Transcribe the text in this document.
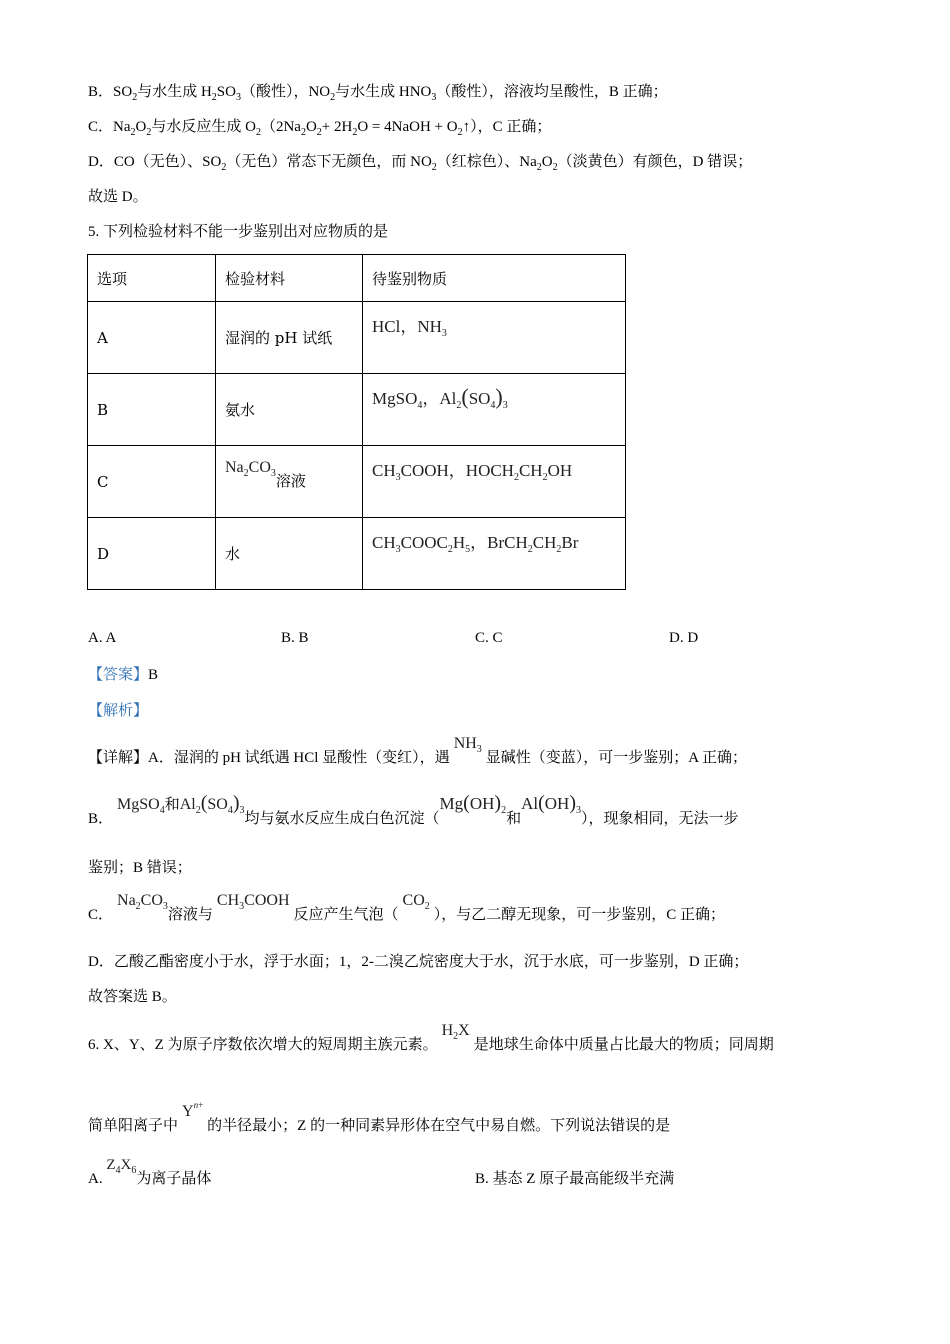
B．$SO_2$与水生成 $H_2SO_3$（酸性），$NO_2$与水生成 $HNO_3$（酸性），溶液均呈酸性，B 正确；
C．$Na_2O_2$与水反应生成 $O_2(2Na_2O_2+ 2H_2O$ = 4NaOH + $O_2↑$），C 正确；
D．CO（无色）、$SO_2$（无色）常态下无颜色，而 $NO_2$（红棕色）、$Na_2O_2$（淡黄色）有颜色，D 错误；
故选 D。
5. 下列检验材料不能一步鉴别出对应物质的是
选项	检验材料	待鉴别物质
A	湿润的 pH 试纸	HCl，$NH_3$

B	氨水	MgSO$_4$，$Al_2(SO_4)_3$

C	$Na_2CO_3$溶液	$CH_3COOH$，$HOCH_2CH_2OH$

D	水	$CH_3COOC_2H_5$，$BrCH_2CH_2Br$
A. A	B. B	C. C	D. D
【答案】B
【解析】
【详解】A．湿润的 pH 试纸遇 HCl 显酸性（变红），遇 $NH_3$ 显碱性（变蓝），可一步鉴别；A 正确；
B． MgSO$_4$和$Al_2(SO_4)_3$均与氨水反应生成白色沉淀（$Mg(OH)_2$和$Al(OH)_3$），现象相同，无法一步
鉴别；B 错误；
C． $Na_2CO_3$溶液与 $CH_3COOH$ 反应产生气泡（ $CO_2$ ），与乙二醇无现象，可一步鉴别，C 正确；
D．乙酸乙酯密度小于水，浮于水面；1，2-二溴乙烷密度大于水，沉于水底，可一步鉴别，D 正确；
故答案选 B。
6. X、Y、Z 为原子序数依次增大的短周期主族元素。 $H_2X$ 是地球生命体中质量占比最大的物质；同周期
简单阳离子中 $Y^{n+}$ 的半径最小；Z 的一种同素异形体在空气中易自燃。下列说法错误的是
A. $Z_4X_6$为离子晶体	B. 基态 Z 原子最高能级半充满
